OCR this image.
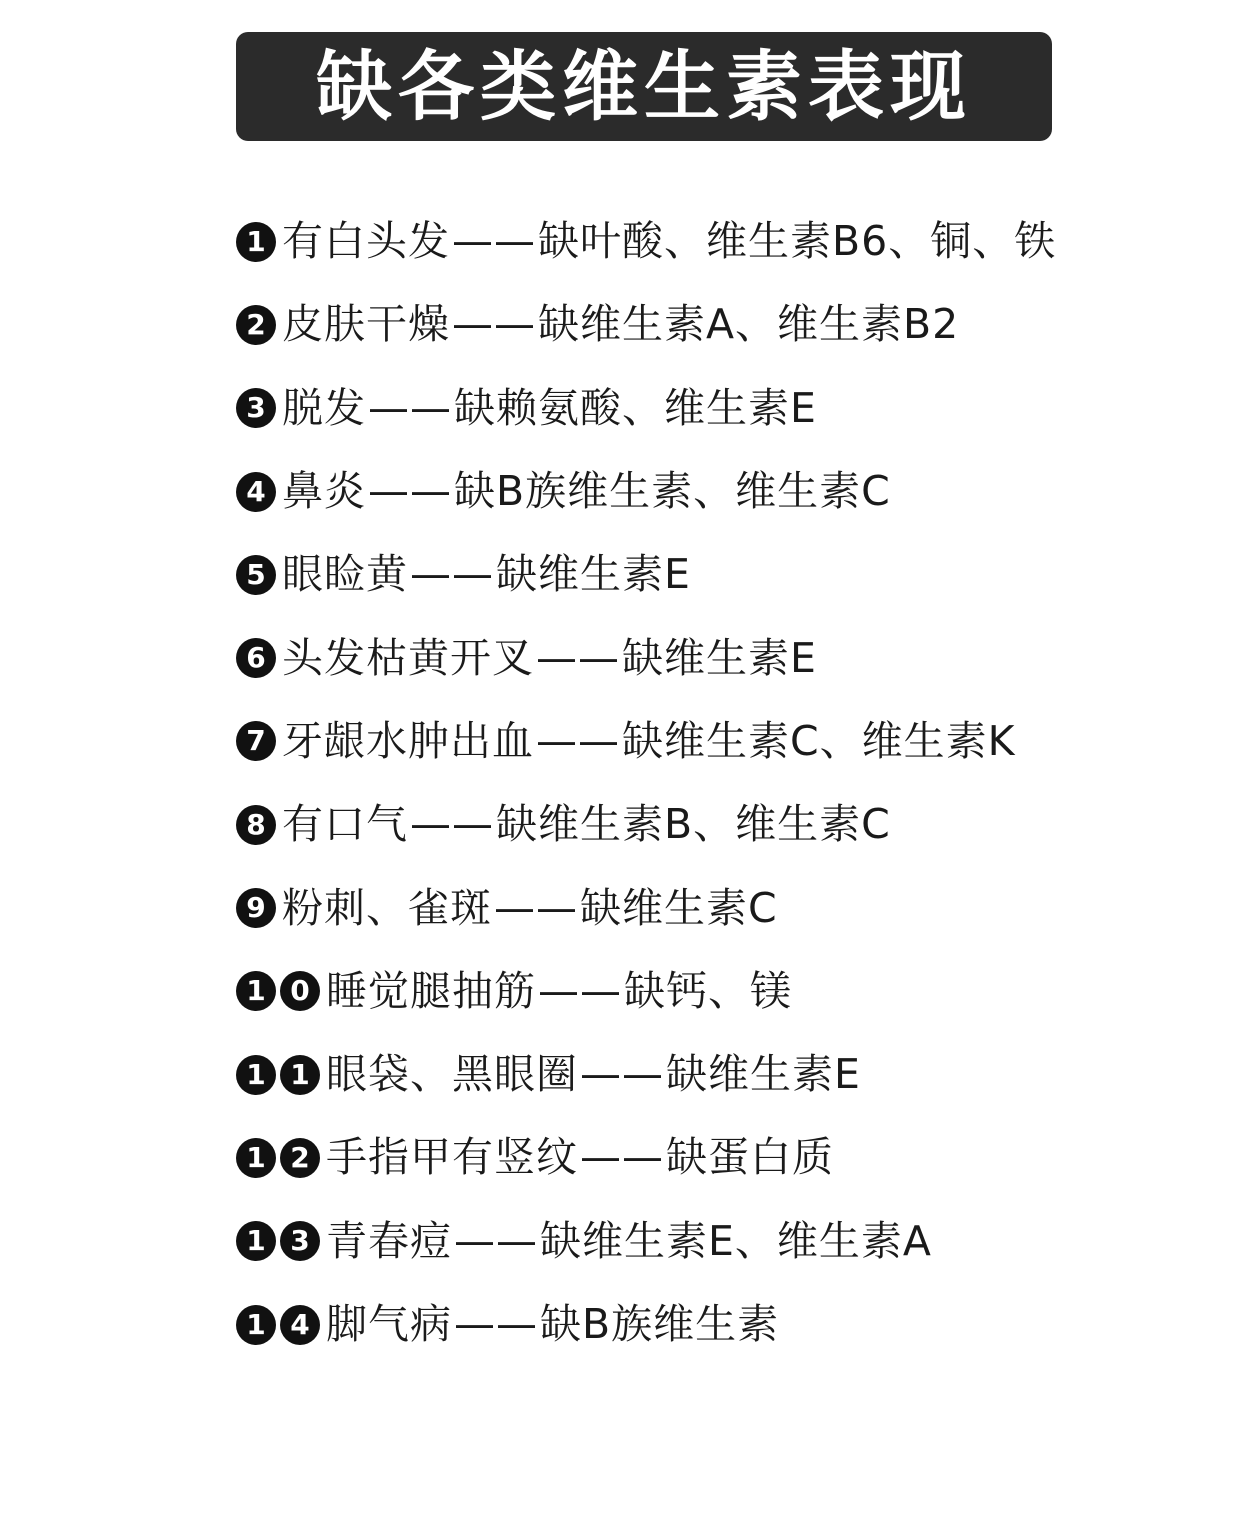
缺各类维生素表现
1 有白头发 —— 缺叶酸、维生素B6、铜、铁
2 皮肤干燥 —— 缺维生素A、维生素B2
3 脱发 —— 缺赖氨酸、维生素E
4 鼻炎 —— 缺B族维生素、维生素C
5 眼睑黄 —— 缺维生素E
6 头发枯黄开叉 —— 缺维生素E
7 牙龈水肿出血 —— 缺维生素C、维生素K
8 有口气 —— 缺维生素B、维生素C
9 粉刺、雀斑 —— 缺维生素C
1 0 睡觉腿抽筋 —— 缺钙、镁
1 1 眼袋、黑眼圈 —— 缺维生素E
1 2 手指甲有竖纹 —— 缺蛋白质
1 3 青春痘 —— 缺维生素E、维生素A
1 4 脚气病 —— 缺B族维生素
